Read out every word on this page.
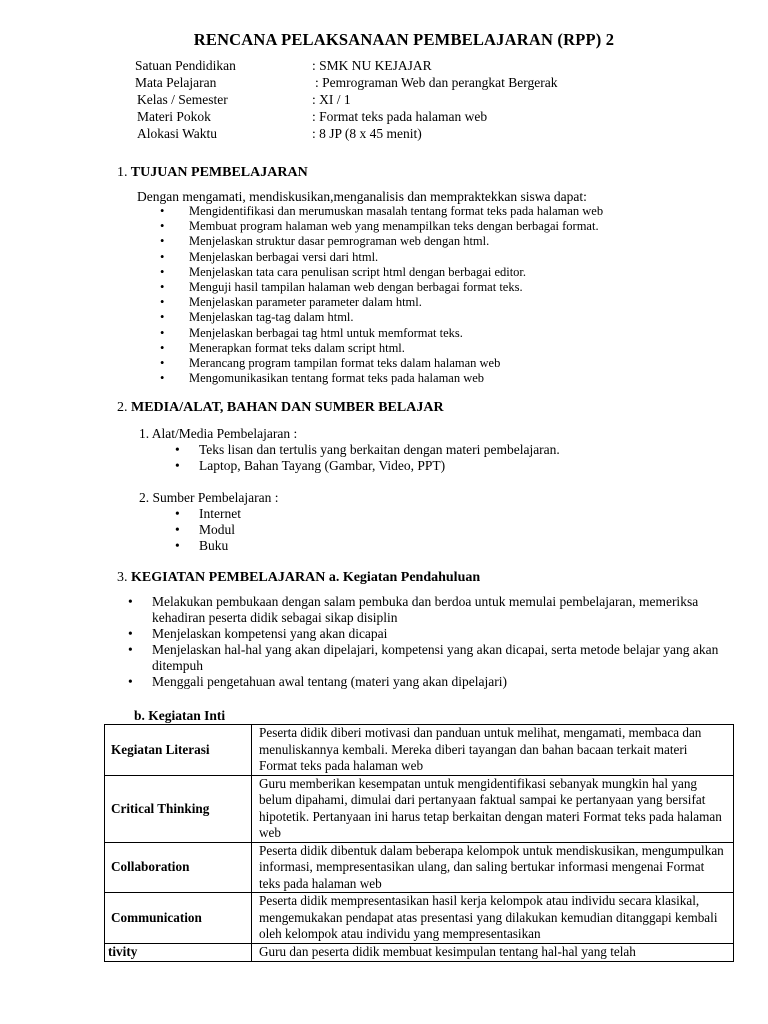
RENCANA PELAKSANAAN PEMBELAJARAN (RPP) 2
Satuan Pendidikan	: SMK NU KEJAJAR
Mata Pelajaran	: Pemrograman Web dan perangkat Bergerak
Kelas / Semester	: XI / 1
Materi Pokok	: Format teks pada halaman web
Alokasi Waktu	: 8 JP (8 x 45 menit)
1. TUJUAN PEMBELAJARAN
Dengan mengamati, mendiskusikan,menganalisis dan mempraktekkan siswa dapat:
• Mengidentifikasi dan merumuskan masalah tentang format teks pada halaman web
• Membuat program halaman web yang menampilkan teks dengan berbagai format.
• Menjelaskan struktur dasar pemrograman web dengan html.
• Menjelaskan berbagai versi dari html.
• Menjelaskan tata cara penulisan script html dengan berbagai editor.
• Menguji hasil tampilan halaman web dengan berbagai format teks.
• Menjelaskan parameter parameter dalam html.
• Menjelaskan tag-tag dalam html.
• Menjelaskan berbagai tag html untuk memformat teks.
• Menerapkan format teks dalam script html.
• Merancang program tampilan format teks dalam halaman web
• Mengomunikasikan tentang format teks pada halaman web
2. MEDIA/ALAT, BAHAN DAN SUMBER BELAJAR
1. Alat/Media Pembelajaran :
• Teks lisan dan tertulis yang berkaitan dengan materi pembelajaran.
• Laptop, Bahan Tayang (Gambar, Video, PPT)
2. Sumber Pembelajaran :
• Internet
• Modul
• Buku
3. KEGIATAN PEMBELAJARAN a. Kegiatan Pendahuluan
• Melakukan pembukaan dengan salam pembuka dan berdoa untuk memulai pembelajaran, memeriksa kehadiran peserta didik sebagai sikap disiplin
• Menjelaskan kompetensi yang akan dicapai
• Menjelaskan hal-hal yang akan dipelajari, kompetensi yang akan dicapai, serta metode belajar yang akan ditempuh
• Menggali pengetahuan awal tentang (materi yang akan dipelajari)
b. Kegiatan Inti
Kegiatan Literasi	Peserta didik diberi motivasi dan panduan untuk melihat, mengamati, membaca dan menuliskannya kembali. Mereka diberi tayangan dan bahan bacaan terkait materi Format teks pada halaman web
Critical Thinking	Guru memberikan kesempatan untuk mengidentifikasi sebanyak mungkin hal yang belum dipahami, dimulai dari pertanyaan faktual sampai ke pertanyaan yang bersifat hipotetik. Pertanyaan ini harus tetap berkaitan dengan materi Format teks pada halaman web
Collaboration	Peserta didik dibentuk dalam beberapa kelompok untuk mendiskusikan, mengumpulkan informasi, mempresentasikan ulang, dan saling bertukar informasi mengenai Format teks pada halaman web
Communication	Peserta didik mempresentasikan hasil kerja kelompok atau individu secara klasikal, mengemukakan pendapat atas presentasi yang dilakukan kemudian ditanggapi kembali oleh kelompok atau individu yang mempresentasikan
tivity	Guru dan peserta didik membuat kesimpulan tentang hal-hal yang telah
